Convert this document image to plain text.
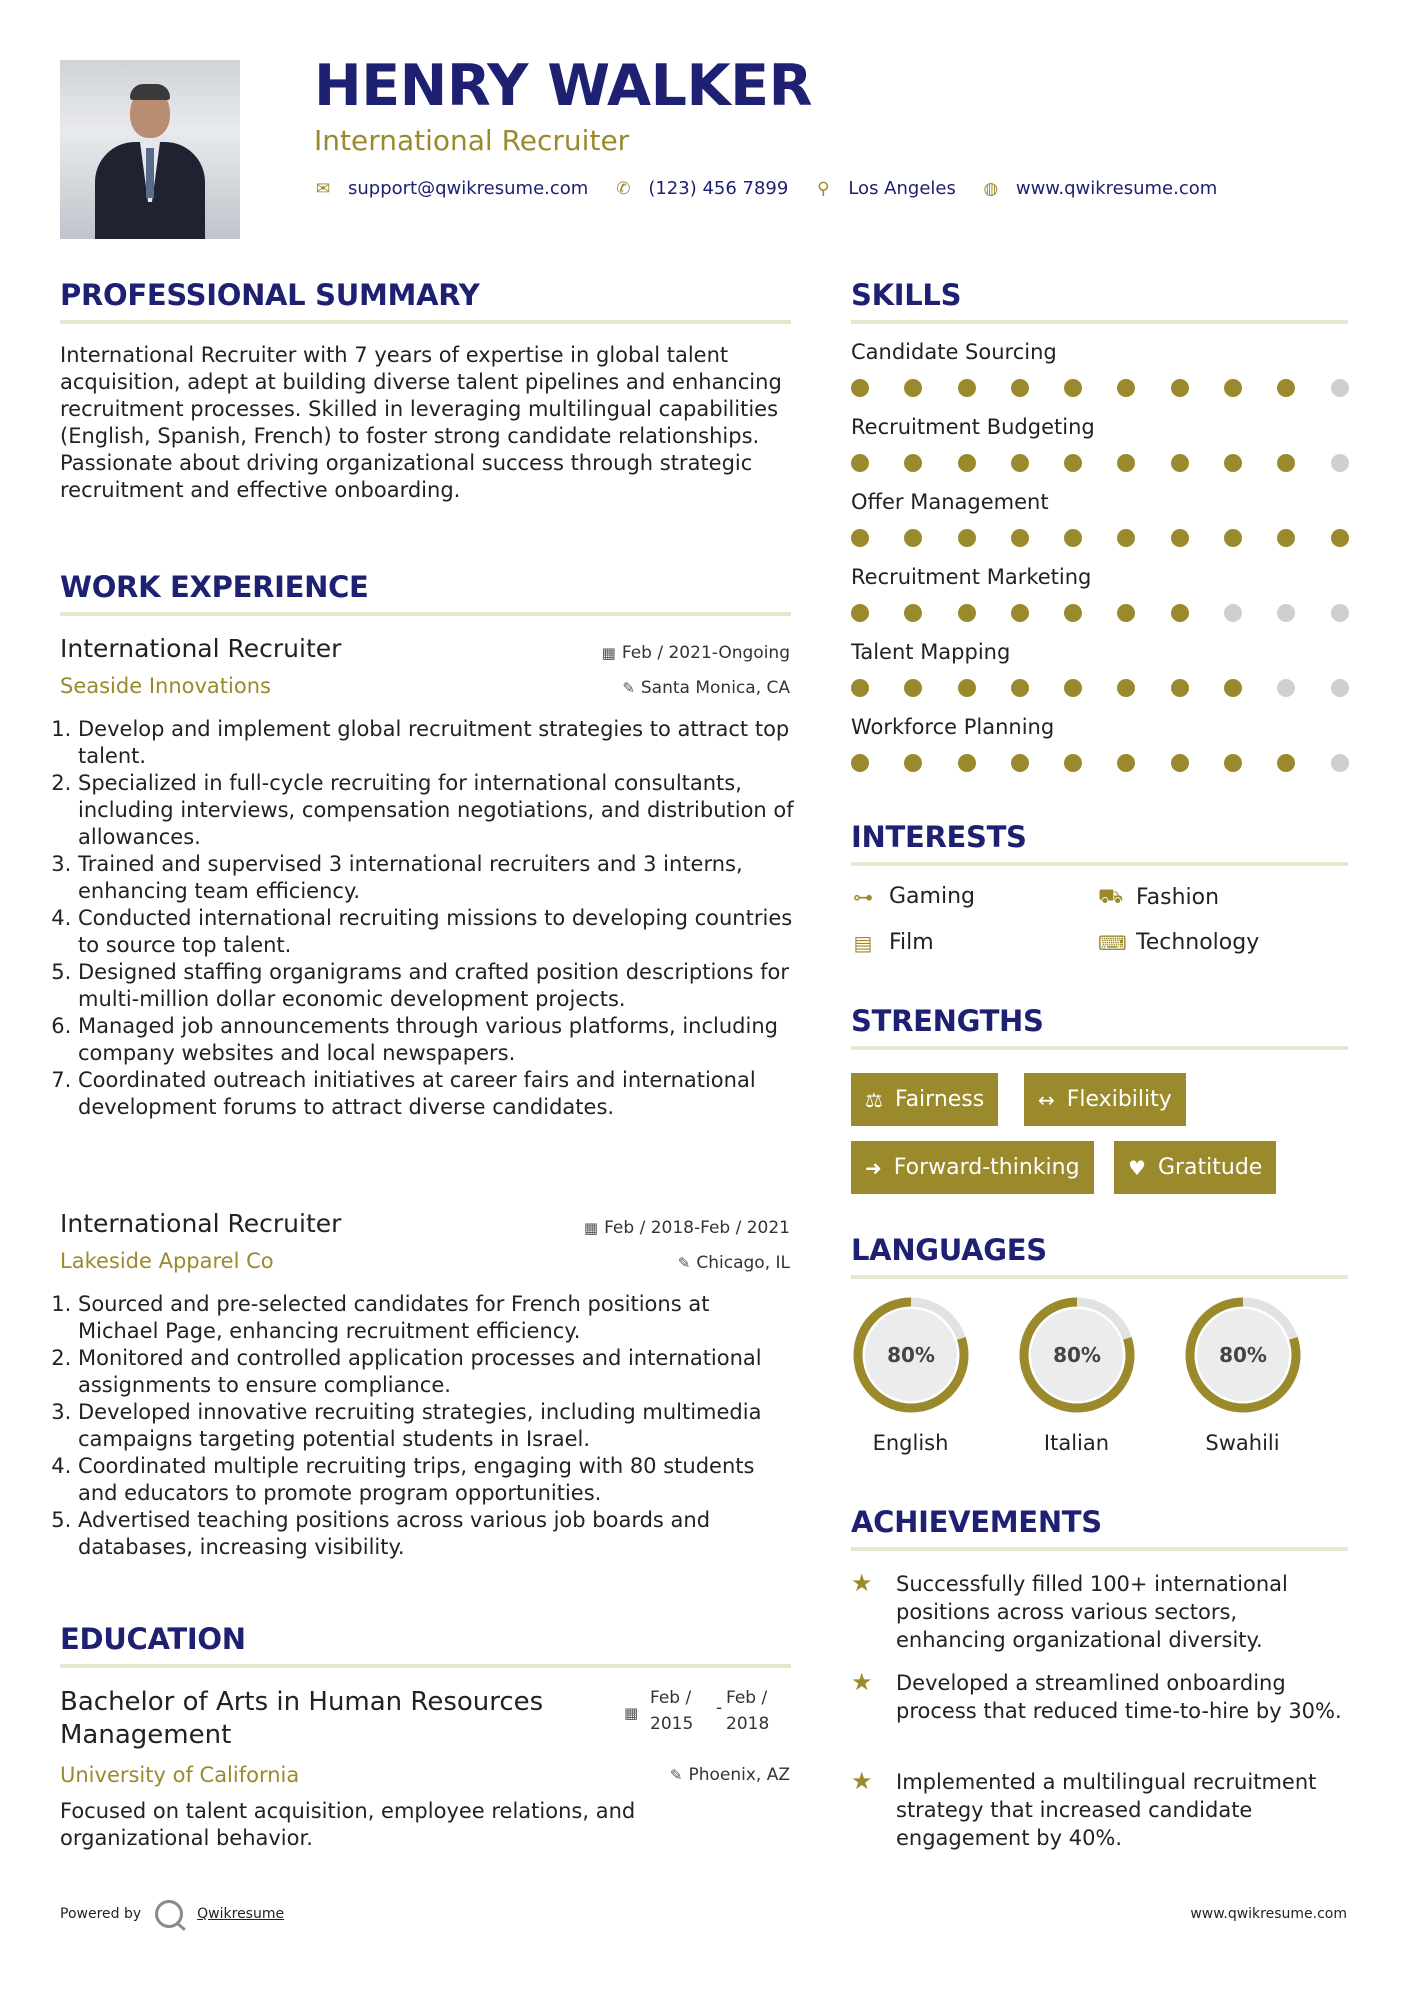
HENRY WALKER
International Recruiter
✉ support@qwikresume.com ✆ (123) 456 7899 ⚲ Los Angeles ◍ www.qwikresume.com
PROFESSIONAL SUMMARY
International Recruiter with 7 years of expertise in global talent acquisition, adept at building diverse talent pipelines and enhancing recruitment processes. Skilled in leveraging multilingual capabilities (English, Spanish, French) to foster strong candidate relationships. Passionate about driving organizational success through strategic recruitment and effective onboarding.
WORK EXPERIENCE
International Recruiter	▦ Feb / 2021-Ongoing
Seaside Innovations	✎ Santa Monica, CA
1. Develop and implement global recruitment strategies to attract top talent.
2. Specialized in full-cycle recruiting for international consultants, including interviews, compensation negotiations, and distribution of allowances.
3. Trained and supervised 3 international recruiters and 3 interns, enhancing team efficiency.
4. Conducted international recruiting missions to developing countries to source top talent.
5. Designed staffing organigrams and crafted position descriptions for multi-million dollar economic development projects.
6. Managed job announcements through various platforms, including company websites and local newspapers.
7. Coordinated outreach initiatives at career fairs and international development forums to attract diverse candidates.
International Recruiter	▦ Feb / 2018-Feb / 2021
Lakeside Apparel Co	✎ Chicago, IL
1. Sourced and pre-selected candidates for French positions at Michael Page, enhancing recruitment efficiency.
2. Monitored and controlled application processes and international assignments to ensure compliance.
3. Developed innovative recruiting strategies, including multimedia campaigns targeting potential students in Israel.
4. Coordinated multiple recruiting trips, engaging with 80 students and educators to promote program opportunities.
5. Advertised teaching positions across various job boards and databases, increasing visibility.
EDUCATION
Bachelor of Arts in Human Resources Management
▦
Feb /
2015
- Feb /
2018
University of California	✎ Phoenix, AZ
Focused on talent acquisition, employee relations, and organizational behavior.
SKILLS
Candidate Sourcing
Recruitment Budgeting
Offer Management
Recruitment Marketing
Talent Mapping
Workforce Planning
INTERESTS
⊶ Gaming	⛟ Fashion
▤ Film	⌨ Technology
STRENGTHS
⚖ Fairness	↔ Flexibility
➜ Forward-thinking ♥ Gratitude
LANGUAGES
80%
English
80%
Italian
80%
Swahili
ACHIEVEMENTS
★	Successfully filled 100+ international positions across various sectors, enhancing organizational diversity.
★	Developed a streamlined onboarding process that reduced time-to-hire by 30%.
★	Implemented a multilingual recruitment strategy that increased candidate engagement by 40%.
Powered by	Qwikresume	www.qwikresume.com
